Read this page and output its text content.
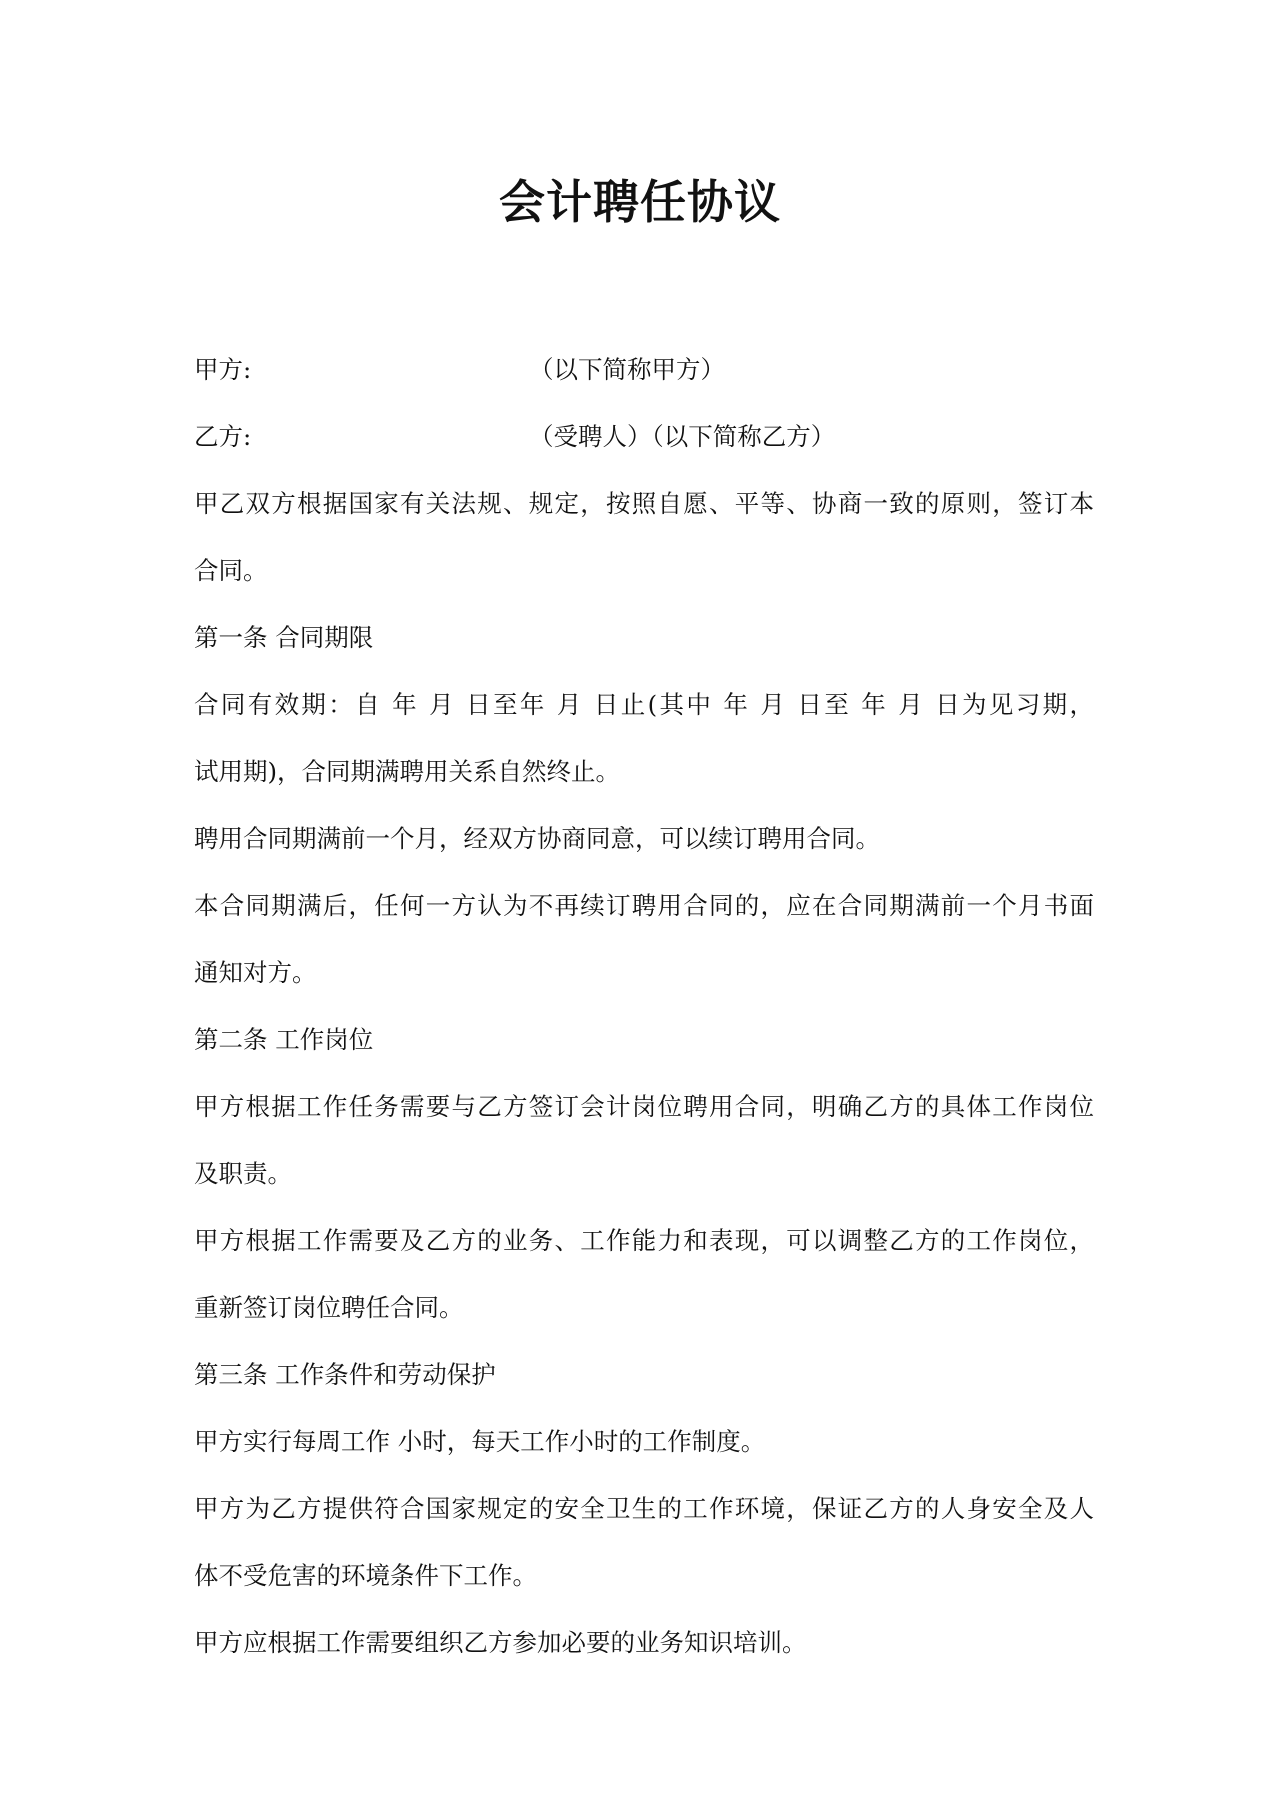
会计聘任协议
甲方:	（以下简称甲方）
乙方:	（受聘人）（以下简称乙方）
甲乙双方根据国家有关法规、规定，按照自愿、平等、协商一致的原则，签订本
合同。
第一条 合同期限
合同有效期：自 年 月 日至年 月 日止(其中 年 月 日至 年 月 日为见习期，
试用期)，合同期满聘用关系自然终止。
聘用合同期满前一个月，经双方协商同意，可以续订聘用合同。
本合同期满后，任何一方认为不再续订聘用合同的，应在合同期满前一个月书面
通知对方。
第二条 工作岗位
甲方根据工作任务需要与乙方签订会计岗位聘用合同，明确乙方的具体工作岗位
及职责。
甲方根据工作需要及乙方的业务、工作能力和表现，可以调整乙方的工作岗位，
重新签订岗位聘任合同。
第三条 工作条件和劳动保护
甲方实行每周工作 小时，每天工作小时的工作制度。
甲方为乙方提供符合国家规定的安全卫生的工作环境，保证乙方的人身安全及人
体不受危害的环境条件下工作。
甲方应根据工作需要组织乙方参加必要的业务知识培训。
